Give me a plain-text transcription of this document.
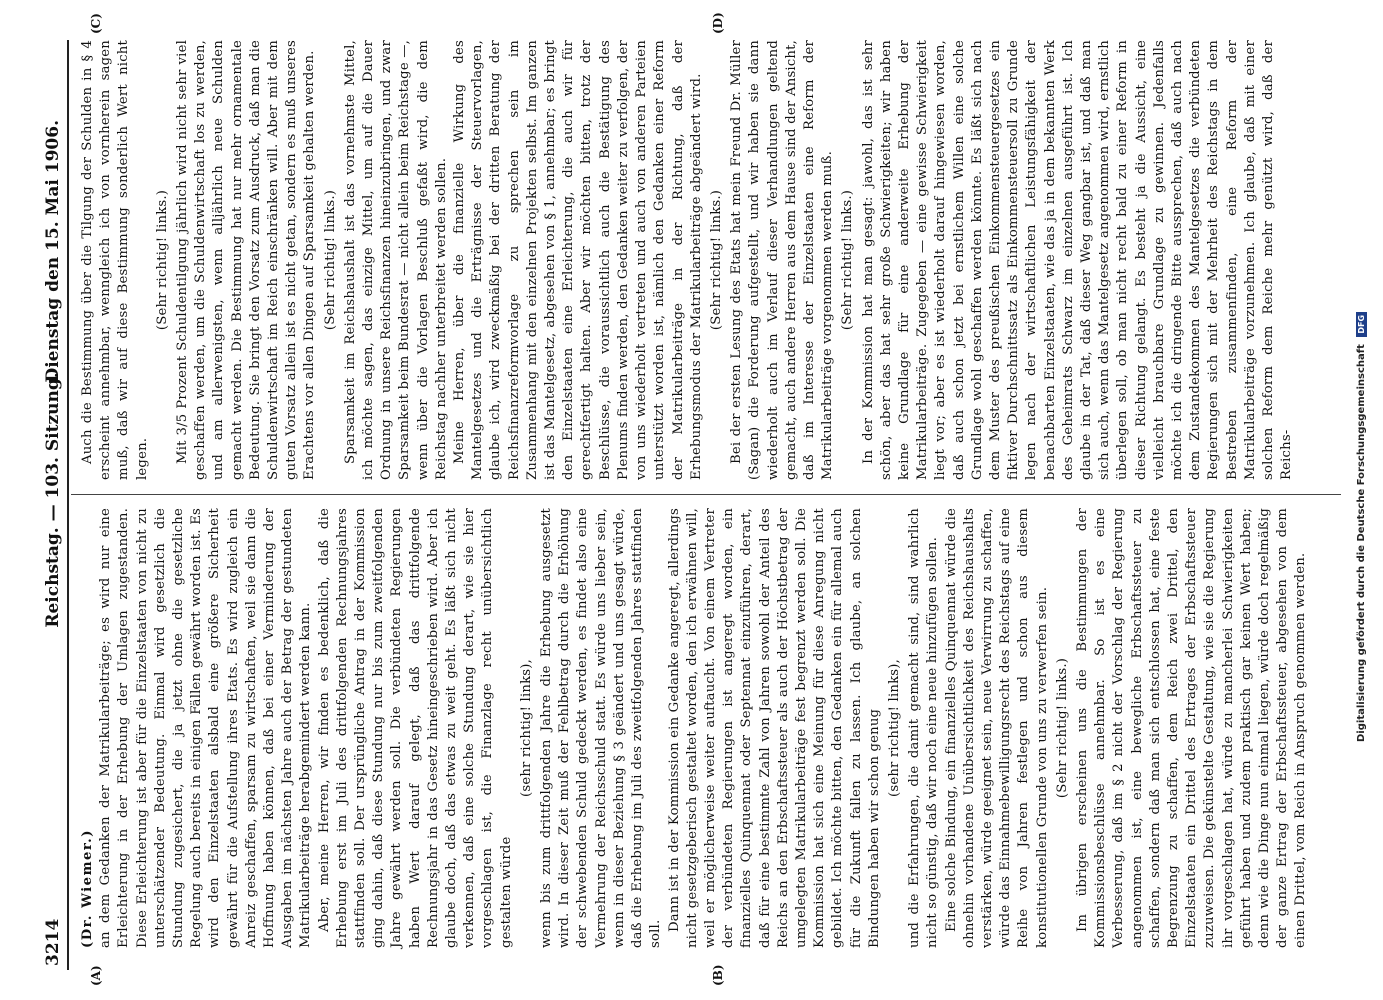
3214
Reichstag. — 103. Sitzung.
Dienstag den 15. Mai 1906.
(A)	(B)
(C)	(D)

(Dr. Wiemer.) an dem Gedanken der Matrikularbeiträge; es wird nur eine Erleichterung in der Erhebung der Umlagen zugestanden. Diese Erleichterung ist aber für die Einzelstaaten von nicht zu unterschätzender Bedeutung. Einmal wird gesetzlich die Stundung zugesichert, die ja jetzt ohne die gesetzliche Regelung auch bereits in einigen Fällen gewährt worden ist. Es wird den Einzelstaaten alsbald eine größere Sicherheit gewährt für die Aufstellung ihres Etats. Es wird zugleich ein Anreiz geschaffen, sparsam zu wirtschaften, weil sie dann die Hoffnung haben können, daß bei einer Verminderung der Ausgaben im nächsten Jahre auch der Betrag der gestundeten Matrikularbeiträge herabgemindert werden kann. Aber, meine Herren, wir finden es bedenklich, daß die Erhebung erst im Juli des drittfolgenden Rechnungsjahres stattfinden soll. Der ursprüngliche Antrag in der Kommission ging dahin, daß diese Stundung nur bis zum zweitfolgenden Jahre gewährt werden soll. Die verbündeten Regierungen haben Wert darauf gelegt, daß das drittfolgende Rechnungsjahr in das Gesetz hineingeschrieben wird. Aber ich glaube doch, daß das etwas zu weit geht. Es läßt sich nicht verkennen, daß eine solche Stundung derart, wie sie hier vorgeschlagen ist, die Finanzlage recht unübersichtlich gestalten würde

(sehr richtig! links), wenn bis zum drittfolgenden Jahre die Erhebung ausgesetzt wird. In dieser Zeit muß der Fehlbetrag durch die Erhöhung der schwebenden Schuld gedeckt werden, es findet also eine Vermehrung der Reichsschuld statt. Es würde uns lieber sein, wenn in dieser Beziehung § 3 geändert und uns gesagt würde, daß die Erhebung im Juli des zweitfolgenden Jahres stattfinden soll.

Dann ist in der Kommission ein Gedanke angeregt, allerdings nicht gesetzgeberisch gestaltet worden, den ich erwähnen will, weil er möglicherweise weiter auftaucht. Von einem Vertreter der verbündeten Regierungen ist angeregt worden, ein finanzielles Quinquennat oder Septennat einzuführen, derart, daß für eine bestimmte Zahl von Jahren sowohl der Anteil des Reichs an den Erbschaftssteuer als auch der Höchstbetrag der umgelegten Matrikularbeiträge fest begrenzt werden soll. Die Kommission hat sich eine Meinung für diese Anregung nicht gebildet. Ich möchte bitten, den Gedanken ein für allemal auch für die Zukunft fallen zu lassen. Ich glaube, an solchen Bindungen haben wir schon genug (sehr richtig! links), und die Erfahrungen, die damit gemacht sind, sind wahrlich nicht so günstig, daß wir noch eine neue hinzufügen sollen. Eine solche Bindung, ein finanzielles Quinquennat würde die ohnehin vorhandene Unübersichtlichkeit des Reichshaushalts verstärken, würde geeignet sein, neue Verwirrung zu schaffen, würde das Einnahmebewilligungsrecht des Reichstags auf eine Reihe von Jahren festlegen und schon aus diesem konstitutionellen Grunde von uns zu verwerfen sein. (Sehr richtig! links.) Im übrigen erscheinen uns die Bestimmungen der Kommissionsbeschlüsse annehmbar. So ist es eine Verbesserung, daß im § 2 nicht der Vorschlag der Regierung angenommen ist, eine bewegliche Erbschaftssteuer zu schaffen, sondern daß man sich entschlossen hat, eine feste Begrenzung zu schaffen, dem Reich zwei Drittel, den Einzelstaaten ein Drittel des Ertrages der Erbschaftssteuer zuzuweisen. Die gekünstelte Gestaltung, wie sie die Regierung ihr vorgeschlagen hat, würde zu mancherlei Schwierigkeiten geführt haben und zudem praktisch gar keinen Wert haben; denn wie die Dinge nun einmal liegen, würde doch regelmäßig der ganze Ertrag der Erbschaftssteuer, abgesehen von dem einen Drittel, vom Reich in Anspruch genommen werden.

Auch die Bestimmung über die Tilgung der Schulden in § 4 erscheint annehmbar, wenngleich ich von vornherein sagen muß, daß wir auf diese Bestimmung sonderlich Wert nicht legen.

(Sehr richtig! links.) Mit 3/5 Prozent Schuldentilgung jährlich wird nicht sehr viel geschaffen werden, um die Schuldenwirtschaft los zu werden, und am allerwenigsten, wenn alljährlich neue Schulden gemacht werden. Die Bestimmung hat nur mehr ornamentale Bedeutung. Sie bringt den Vorsatz zum Ausdruck, daß man die Schuldenwirtschaft im Reich einschränken will. Aber mit dem guten Vorsatz allein ist es nicht getan, sondern es muß unseres Erachtens vor allen Dingen auf Sparsamkeit gehalten werden. (Sehr richtig! links.) Sparsamkeit im Reichshaushalt ist das vornehmste Mittel, ich möchte sagen, das einzige Mittel, um auf die Dauer Ordnung in unsere Reichsfinanzen hineinzubringen, und zwar Sparsamkeit beim Bundesrat — nicht allein beim Reichstage —, wenn über die Vorlagen Beschluß gefaßt wird, die dem Reichstag nachher unterbreitet werden sollen. Meine Herren, über die finanzielle Wirkung des Mantelgesetzes und die Erträgnisse der Steuervorlagen, glaube ich, wird zweckmäßig bei der dritten Beratung der Reichsfinanzreformvorlage zu sprechen sein im Zusammenhang mit den einzelnen Projekten selbst. Im ganzen ist das Mantelgesetz, abgesehen von § 1, annehmbar; es bringt den Einzelstaaten eine Erleichterung, die auch wir für gerechtfertigt halten. Aber wir möchten bitten, trotz der Beschlüsse, die voraussichtlich auch die Bestätigung des Plenums finden werden, den Gedanken weiter zu verfolgen, der von uns wiederholt vertreten und auch von anderen Parteien unterstützt worden ist, nämlich den Gedanken einer Reform der Matrikularbeiträge in der Richtung, daß der Erhebungsmodus der Matrikularbeiträge abgeändert wird. (Sehr richtig! links.) Bei der ersten Lesung des Etats hat mein Freund Dr. Müller (Sagan) die Forderung aufgestellt, und wir haben sie dann wiederholt auch im Verlauf dieser Verhandlungen geltend gemacht, auch andere Herren aus dem Hause sind der Ansicht, daß im Interesse der Einzelstaaten eine Reform der Matrikularbeiträge vorgenommen werden muß. (Sehr richtig! links.) In der Kommission hat man gesagt: jawohl, das ist sehr schön, aber das hat sehr große Schwierigkeiten; wir haben keine Grundlage für eine anderweite Erhebung der Matrikularbeiträge. Zugegeben — eine gewisse Schwierigkeit liegt vor; aber es ist wiederholt darauf hingewiesen worden, daß auch schon jetzt bei ernstlichem Willen eine solche Grundlage wohl geschaffen werden könnte. Es läßt sich nach dem Muster des preußischen Einkommensteuergesetzes ein fiktiver Durchschnittssatz als Einkommensteuersoll zu Grunde legen nach der wirtschaftlichen Leistungsfähigkeit der benachbarten Einzelstaaten, wie das ja in dem bekannten Werk des Geheimrats Schwarz im einzelnen ausgeführt ist. Ich glaube in der Tat, daß dieser Weg gangbar ist, und daß man sich auch, wenn das Mantelgesetz angenommen wird, ernstlich überlegen soll, ob man nicht recht bald zu einer Reform in dieser Richtung gelangt. Es besteht ja die Aussicht, eine vielleicht brauchbare Grundlage zu gewinnen. Jedenfalls möchte ich die dringende Bitte aussprechen, daß auch nach dem Zustandekommen des Mantelgesetzes die verbündeten Regierungen sich mit der Mehrheit des Reichstags in dem Bestreben zusammenfinden, eine Reform der Matrikularbeiträge vorzunehmen. Ich glaube, daß mit einer solchen Reform dem Reiche mehr genützt wird, daß der Reichs-	Digitalisierung gefördert durch die Deutsche Forschungsgemeinschaft DFG
